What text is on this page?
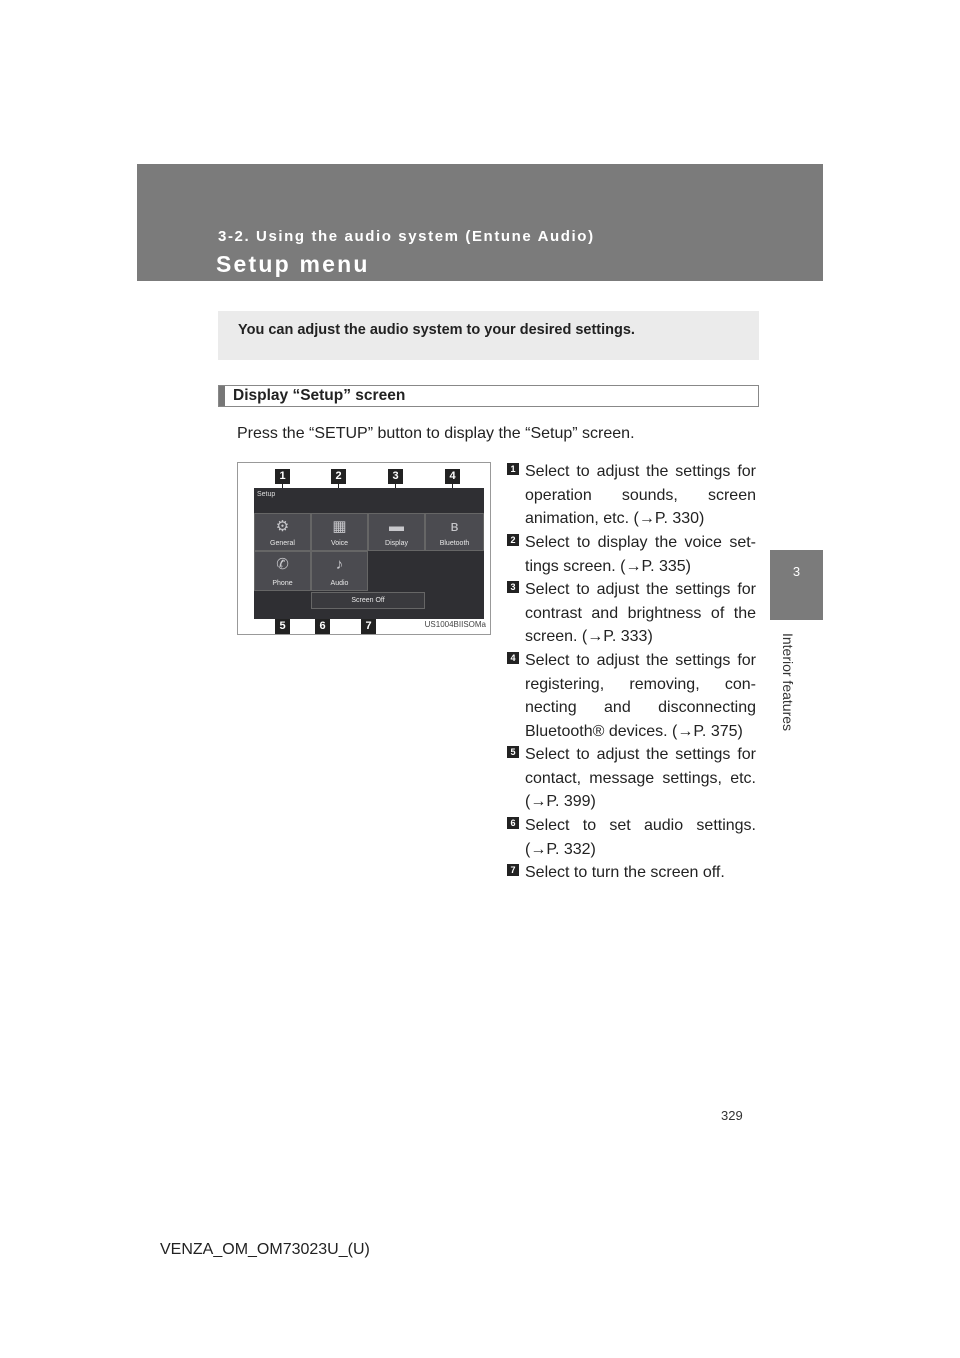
3-2. Using the audio system (Entune Audio)
Setup menu
3
Interior features
You can adjust the audio system to your desired settings.
Display “Setup” screen
Press the “SETUP” button to display the “Setup” screen.
Setup
⚙
General
▦
Voice
▬
Display
ʙ
Bluetooth
✆
Phone
♪
Audio
Screen Off
1	2	3	4
5	6	7	US1004BIISOMa
1 Select to adjust the settings for operation sounds, screen animation, etc. (→P. 330)
2 Select to display the voice set-tings screen. (→P. 335)
3 Select to adjust the settings for contrast and brightness of the screen. (→P. 333)
4 Select to adjust the settings for registering, removing, con-necting and disconnecting Bluetooth® devices. (→P. 375)
5 Select to adjust the settings for contact, message settings, etc. (→P. 399)
6 Select to set audio settings. (→P. 332)
7 Select to turn the screen off.
329
VENZA_OM_OM73023U_(U)
